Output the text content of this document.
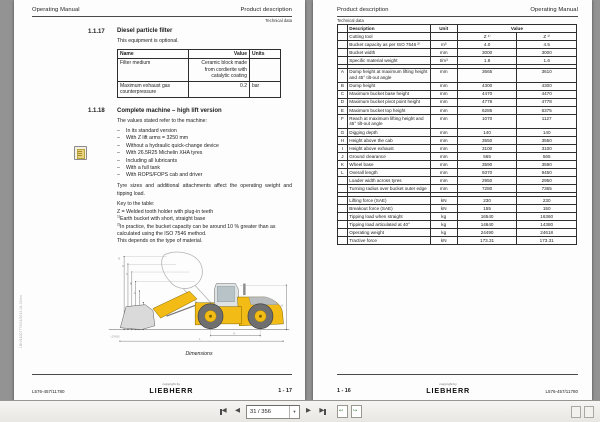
Operating Manual	Product description
Technical data
1.1.17	Diesel particle filter

This equipment is optional.

Name	Value	Units
Filter medium	Ceramic block made from cordierite with catalytic coating	
Maximum exhaust gas counterpressure	0.2	bar
1.1.18	Complete machine – high lift version

The values stated refer to the machine:

–	In its standard version
–	With Z lift arms = 3250 mm
–	Without a hydraulic quick-change device
–	With 26.5R25 Michelin XHA tyres
–	Including all lubricants
–	With a full tank
–	With ROPS/FOPS cab and driver

Tyre sizes and additional attachments affect the operating weight and tipping load.

Key to the table:

Z = Welded tooth holder with plug-in teeth

$^{1)}$Earth bucket with short, straight base

$^{2)}$In practice, the bucket capacity can be around 10 % greater than as calculated using the ISO 7546 method.

This depends on the type of material.

E
D
C
B
A
H
K
L
L576060
Dimensions
LBH/11007775/01/2012-04-20/en
L576-457/11780
copyright by
LIEBHERR	1 - 17
Product description	Operating Manual
Technical data
	Description	Unit	Value	
	Cutting tool		Z ¹⁾	Z ¹⁾
	Bucket capacity as per ISO 7546 ²⁾	m³	4.0	4.5
	Bucket width	mm	3000	3000
	Specific material weight	t/m³	1.8	1.6

A	Dump height at maximum lifting height and 45° tilt-out angle	mm	3665	3610
B	Dump height	mm	4300	4300
C	Maximum bucket base height	mm	4470	4470
D	Maximum bucket pivot point height	mm	4778	4778
E	Maximum bucket top height	mm	6285	6375
F	Reach at maximum lifting height and 45° tilt-out angle	mm	1070	1127
G	Digging depth	mm	140	140
H	Height above the cab	mm	3550	3550
I	Height above exhaust	mm	3100	3100
J	Ground clearance	mm	565	565
K	Wheel base	mm	3590	3590
L	Overall length	mm	9370	9450
	Loader width across tyres	mm	2950	2950
	Turning radius over bucket outer edge	mm	7280	7365

	Lifting force (SAE)	kN	230	230
	Breakout force (SAE)	kN	155	150
	Tipping load when straight	kg	16540	16360
	Tipping load articulated at 40°	kg	14640	14380
	Operating weight	kg	24490	24618
	Tractive force	kN	173.31	173.31
1 - 16
copyright by
LIEBHERR	L576-457/11780
◀ ◀	31 / 356	▼	▶ ▶	↩ ↪
